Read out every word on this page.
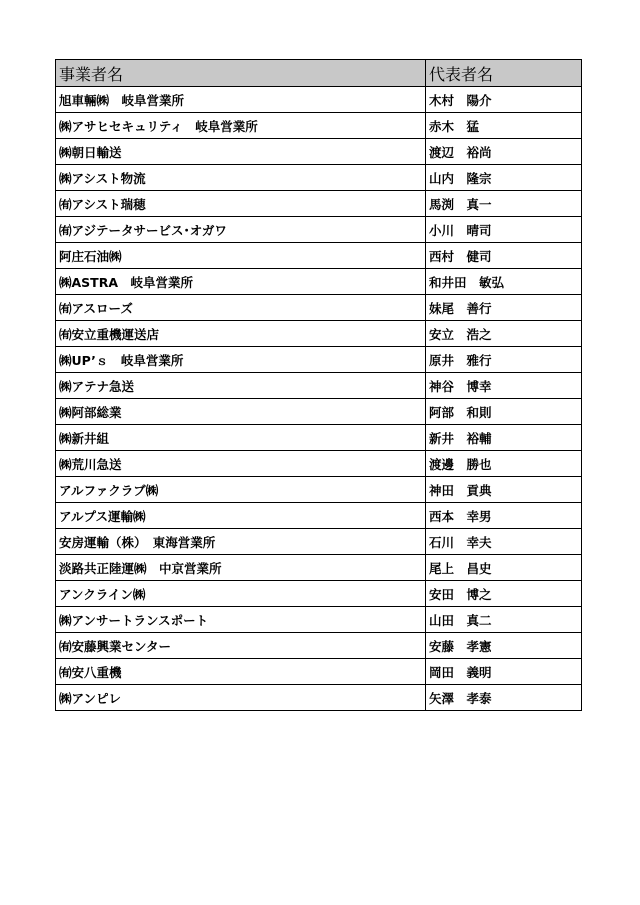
事業者名	代表者名
旭車輛㈱　岐阜営業所	木村　陽介
㈱アサヒセキュリティ　岐阜営業所	赤木　猛
㈱朝日輸送	渡辺　裕尚
㈱アシスト物流	山内　隆宗
㈲アシスト瑞穂	馬渕　真一
㈲アジテータサービス･オガワ	小川　晴司
阿庄石油㈱	西村　健司
㈱ASTRA　岐阜営業所	和井田　敏弘
㈲アスローズ	妹尾　善行
㈲安立重機運送店	安立　浩之
㈱UP’ｓ　岐阜営業所	原井　雅行
㈱アテナ急送	神谷　博幸
㈱阿部総業	阿部　和則
㈱新井組	新井　裕輔
㈱荒川急送	渡邊　勝也
アルファクラブ㈱	神田　貢典
アルプス運輸㈱	西本　幸男
安房運輸（株）　東海営業所	石川　幸夫
淡路共正陸運㈱　中京営業所	尾上　昌史
アンクライン㈱	安田　博之
㈱アンサートランスポート	山田　真二
㈲安藤興業センター	安藤　孝憲
㈲安八重機	岡田　義明
㈱アンピレ	矢澤　孝泰
